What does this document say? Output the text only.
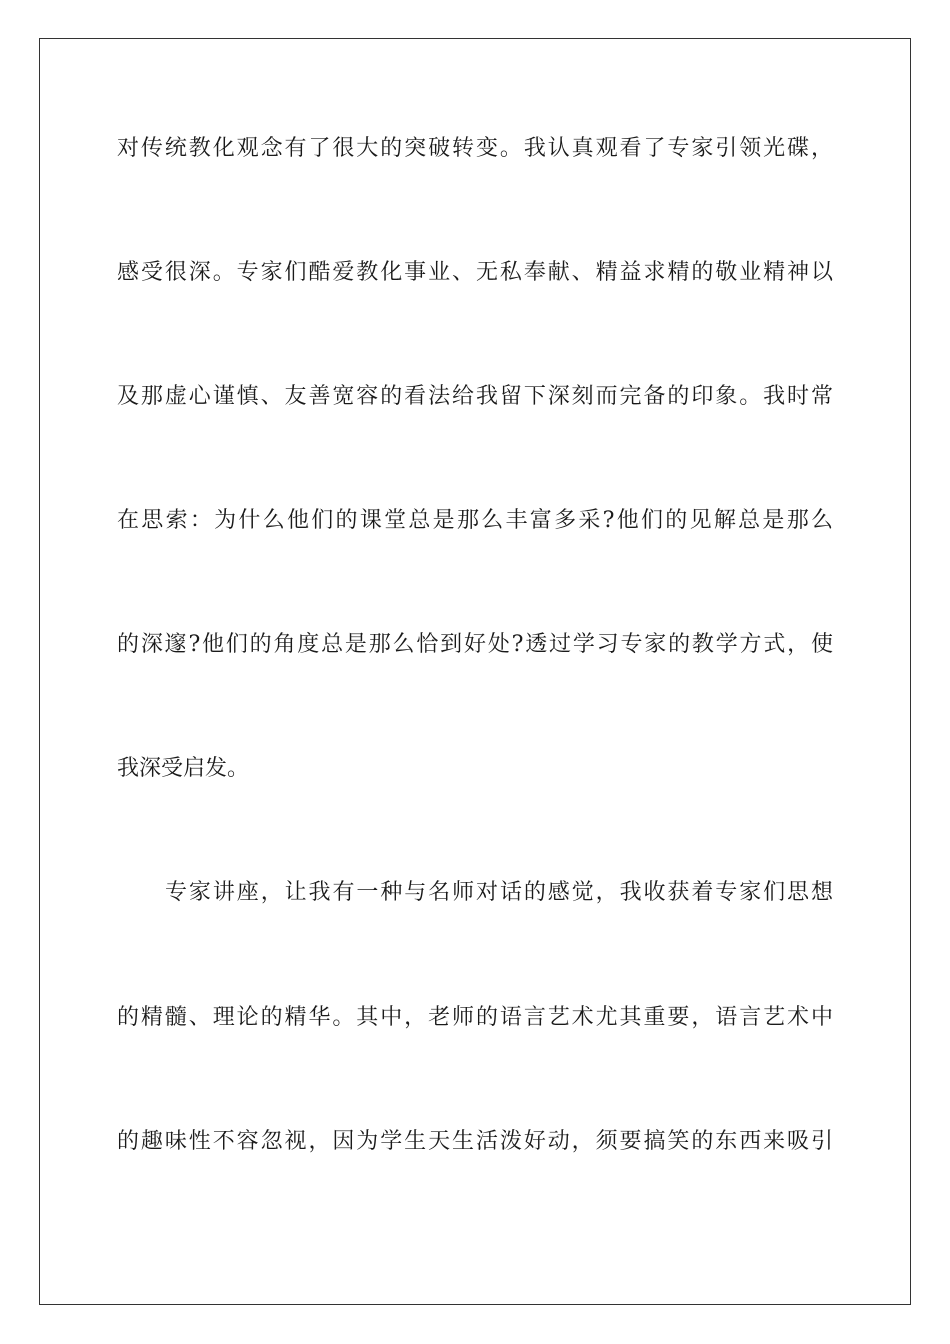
对传统教化观念有了很大的突破转变。我认真观看了专家引领光碟，
感受很深。专家们酷爱教化事业、无私奉献、精益求精的敬业精神以
及那虚心谨慎、友善宽容的看法给我留下深刻而完备的印象。我时常
在思索：为什么他们的课堂总是那么丰富多采?他们的见解总是那么
的深邃?他们的角度总是那么恰到好处?透过学习专家的教学方式，使
我深受启发。
专家讲座，让我有一种与名师对话的感觉，我收获着专家们思想
的精髓、理论的精华。其中，老师的语言艺术尤其重要，语言艺术中
的趣味性不容忽视，因为学生天生活泼好动，须要搞笑的东西来吸引
